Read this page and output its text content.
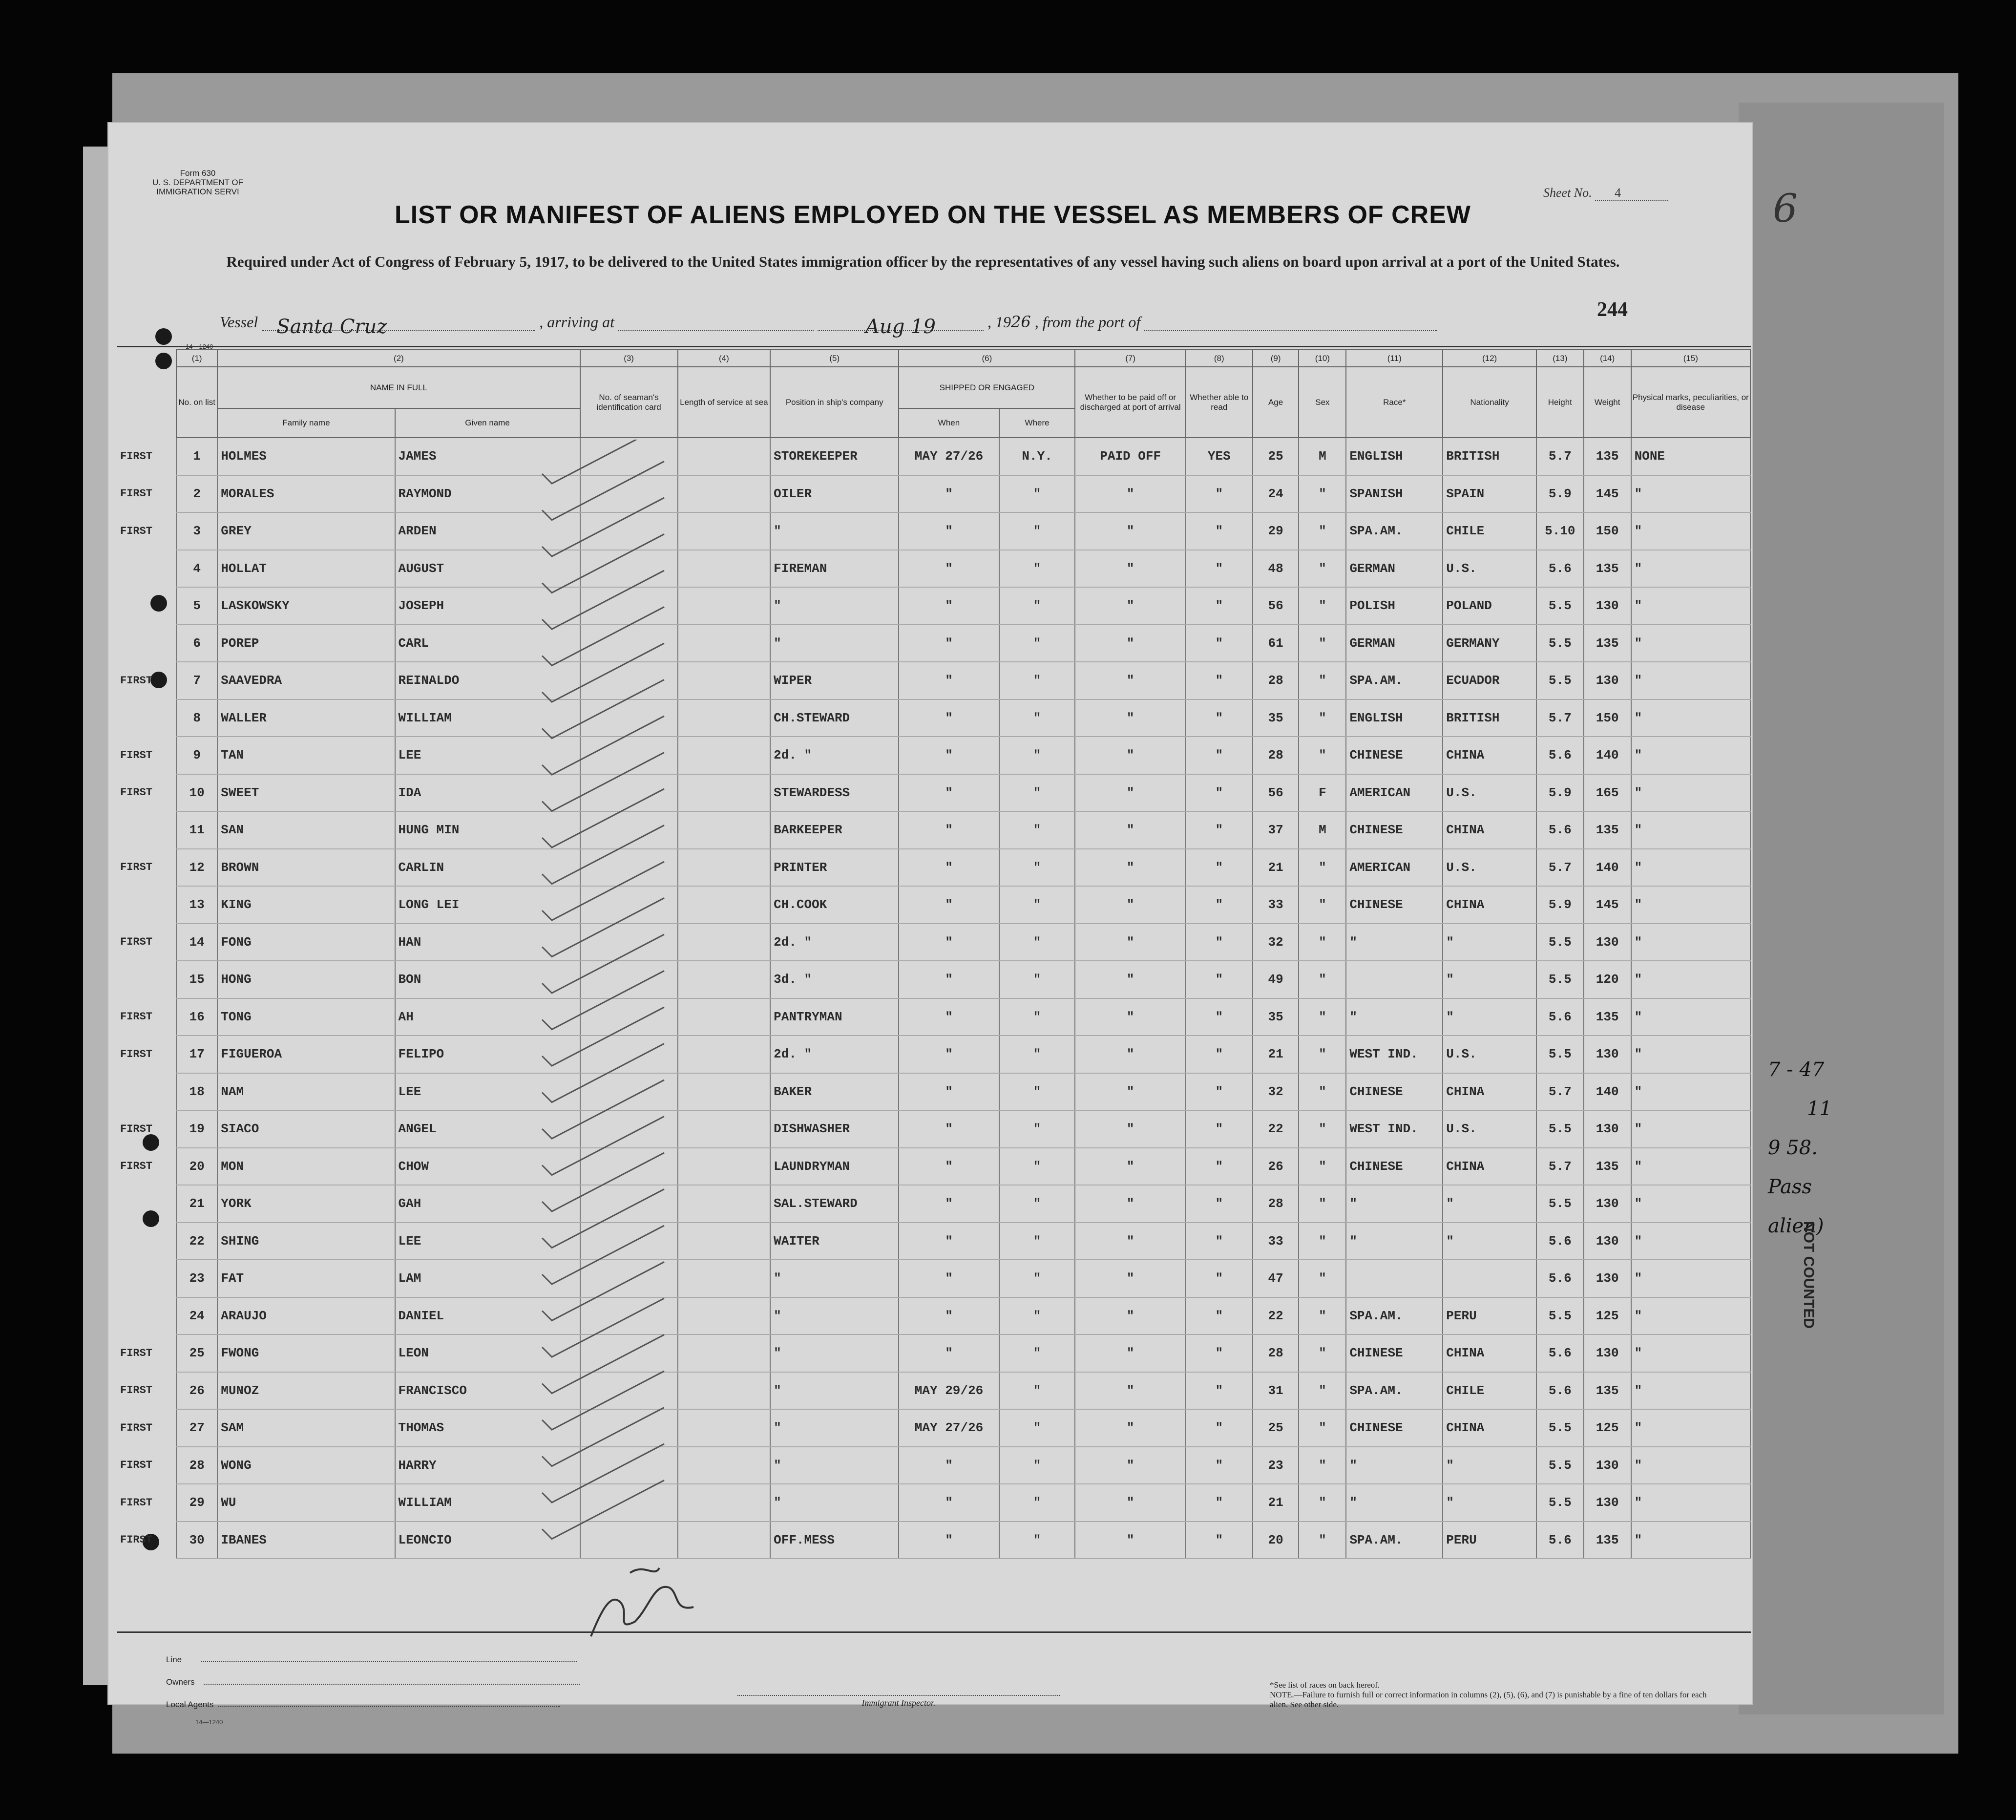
7 - 47
11
9 58.
Pass
alien)
NOT COUNTED
6
Form 630
U. S. DEPARTMENT OF
IMMIGRATION SERVI	Sheet No. 4
LIST OR MANIFEST OF ALIENS EMPLOYED ON THE VESSEL AS MEMBERS OF CREW
Required under Act of Congress of February 5, 1917, to be delivered to the United States immigration officer by the representatives of any vessel having such aliens on board upon arrival at a port of the United States.
Vessel Santa Cruz	, arriving at	Aug 19	, 1926 , from the port of
244
	(1)	(2)		(3)	(4)	(5)	(6)		(7)	(8)	(9)	(10)	(11)	(12)	(13)	(14)	(15)
	No. on list	NAME IN FULL		No. of seaman's identification card	Length of service at sea	Position in ship's company	SHIPPED OR ENGAGED		Whether to be paid off or discharged at port of arrival	Whether able to read	Age	Sex	Race*	Nationality	Height	Weight	Physical marks, peculiarities, or disease
		Family name	Given name				When	Where									
FIRST	1	HOLMES	JAMES			STOREKEEPER	MAY 27/26	N.Y.	PAID OFF	YES	25	M	ENGLISH	BRITISH	5.7	135	NONE
FIRST	2	MORALES	RAYMOND			OILER	"	"	"	"	24	"	SPANISH	SPAIN	5.9	145	"
FIRST	3	GREY	ARDEN			"	"	"	"	"	29	"	SPA.AM.	CHILE	5.10	150	"
	4	HOLLAT	AUGUST			FIREMAN	"	"	"	"	48	"	GERMAN	U.S.	5.6	135	"
	5	LASKOWSKY	JOSEPH			"	"	"	"	"	56	"	POLISH	POLAND	5.5	130	"
	6	POREP	CARL			"	"	"	"	"	61	"	GERMAN	GERMANY	5.5	135	"
FIRST	7	SAAVEDRA	REINALDO			WIPER	"	"	"	"	28	"	SPA.AM.	ECUADOR	5.5	130	"
	8	WALLER	WILLIAM			CH.STEWARD	"	"	"	"	35	"	ENGLISH	BRITISH	5.7	150	"
FIRST	9	TAN	LEE			2d. "	"	"	"	"	28	"	CHINESE	CHINA	5.6	140	"
FIRST	10	SWEET	IDA			STEWARDESS	"	"	"	"	56	F	AMERICAN	U.S.	5.9	165	"
	11	SAN	HUNG MIN			BARKEEPER	"	"	"	"	37	M	CHINESE	CHINA	5.6	135	"
FIRST	12	BROWN	CARLIN			PRINTER	"	"	"	"	21	"	AMERICAN	U.S.	5.7	140	"
	13	KING	LONG LEI			CH.COOK	"	"	"	"	33	"	CHINESE	CHINA	5.9	145	"
FIRST	14	FONG	HAN			2d. "	"	"	"	"	32	"	"	"	5.5	130	"
	15	HONG	BON			3d. "	"	"	"	"	49	"		"	5.5	120	"
FIRST	16	TONG	AH			PANTRYMAN	"	"	"	"	35	"	"	"	5.6	135	"
FIRST	17	FIGUEROA	FELIPO			2d. "	"	"	"	"	21	"	WEST IND.	U.S.	5.5	130	"
	18	NAM	LEE			BAKER	"	"	"	"	32	"	CHINESE	CHINA	5.7	140	"
FIRST	19	SIACO	ANGEL			DISHWASHER	"	"	"	"	22	"	WEST IND.	U.S.	5.5	130	"
FIRST	20	MON	CHOW			LAUNDRYMAN	"	"	"	"	26	"	CHINESE	CHINA	5.7	135	"
	21	YORK	GAH			SAL.STEWARD	"	"	"	"	28	"	"	"	5.5	130	"
	22	SHING	LEE			WAITER	"	"	"	"	33	"	"	"	5.6	130	"
	23	FAT	LAM			"	"	"	"	"	47	"			5.6	130	"
	24	ARAUJO	DANIEL			"	"	"	"	"	22	"	SPA.AM.	PERU	5.5	125	"
FIRST	25	FWONG	LEON			"	"	"	"	"	28	"	CHINESE	CHINA	5.6	130	"
FIRST	26	MUNOZ	FRANCISCO			"	MAY 29/26	"	"	"	31	"	SPA.AM.	CHILE	5.6	135	"
FIRST	27	SAM	THOMAS			"	MAY 27/26	"	"	"	25	"	CHINESE	CHINA	5.5	125	"
FIRST	28	WONG	HARRY			"	"	"	"	"	23	"	"	"	5.5	130	"
FIRST	29	WU	WILLIAM			"	"	"	"	"	21	"	"	"	5.5	130	"
FIRST	30	IBANES	LEONCIO			OFF.MESS	"	"	"	"	20	"	SPA.AM.	PERU	5.6	135	"
Line
Owners
Local Agents
14—1240
Immigrant Inspector.
*See list of races on back hereof.
NOTE.—Failure to furnish full or correct information in columns (2), (5), (6), and (7) is punishable by a fine of ten dollars for each alien. See other side.
